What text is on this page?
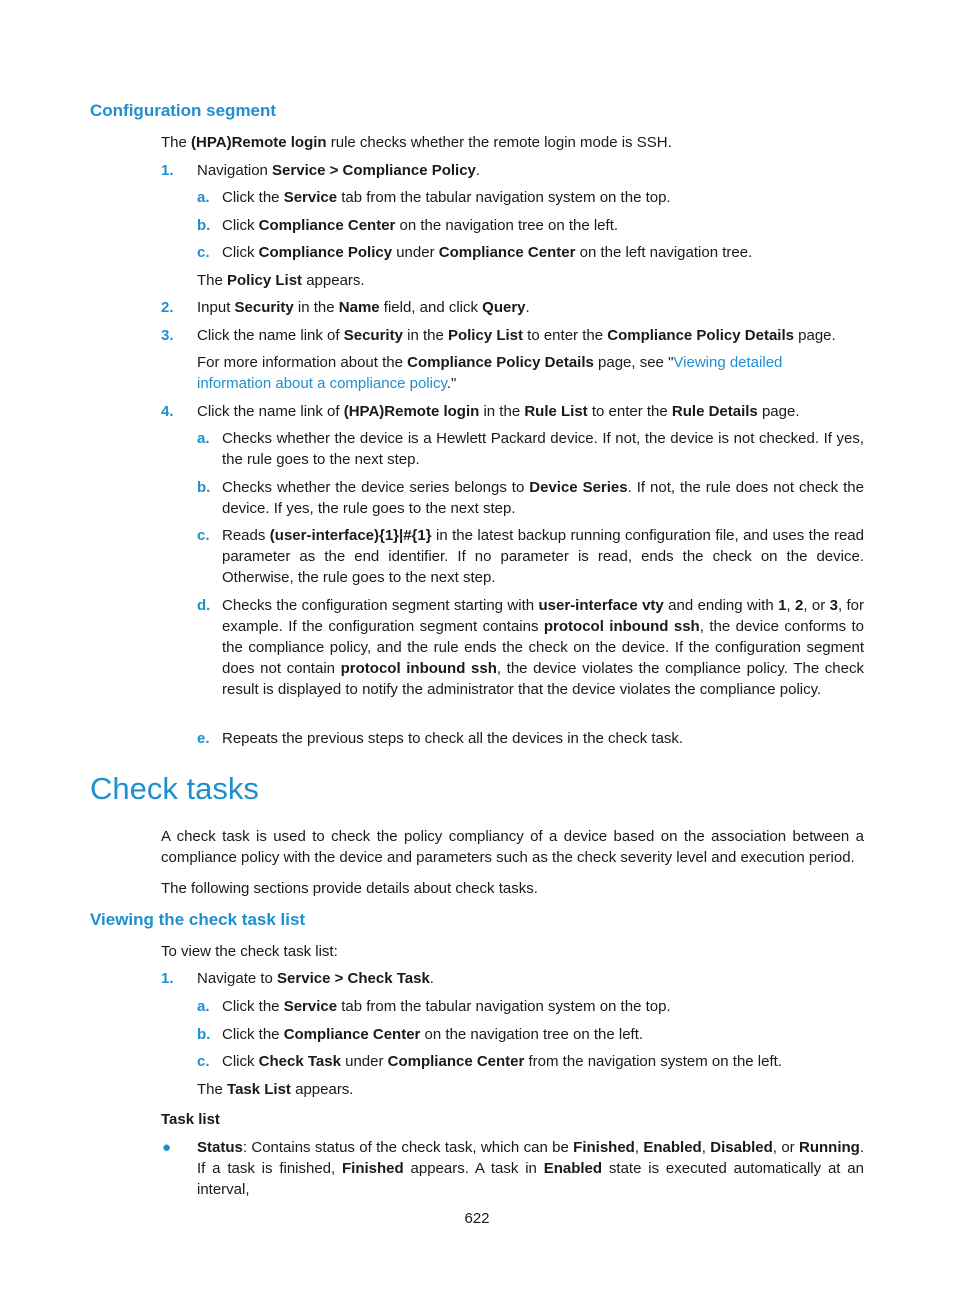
Configuration segment
The (HPA)Remote login rule checks whether the remote login mode is SSH.
1.	Navigation Service > Compliance Policy.
a. Click the Service tab from the tabular navigation system on the top.
b. Click Compliance Center on the navigation tree on the left.
c. Click Compliance Policy under Compliance Center on the left navigation tree.
The Policy List appears.
2.	Input Security in the Name field, and click Query.
3.	Click the name link of Security in the Policy List to enter the Compliance Policy Details page.
For more information about the Compliance Policy Details page, see "Viewing detailed information about a compliance policy."
4.	Click the name link of (HPA)Remote login in the Rule List to enter the Rule Details page.
a. Checks whether the device is a Hewlett Packard device. If not, the device is not checked. If yes, the rule goes to the next step.
b. Checks whether the device series belongs to Device Series. If not, the rule does not check the device. If yes, the rule goes to the next step.
c. Reads (user-interface){1}|#{1} in the latest backup running configuration file, and uses the read parameter as the end identifier. If no parameter is read, ends the check on the device. Otherwise, the rule goes to the next step.
d. Checks the configuration segment starting with user-interface vty and ending with 1, 2, or 3, for example. If the configuration segment contains protocol inbound ssh, the device conforms to the compliance policy, and the rule ends the check on the device. If the configuration segment does not contain protocol inbound ssh, the device violates the compliance policy. The check result is displayed to notify the administrator that the device violates the compliance policy.
e. Repeats the previous steps to check all the devices in the check task.
Check tasks
A check task is used to check the policy compliancy of a device based on the association between a compliance policy with the device and parameters such as the check severity level and execution period.
The following sections provide details about check tasks.
Viewing the check task list
To view the check task list:
1.	Navigate to Service > Check Task.
a. Click the Service tab from the tabular navigation system on the top.
b. Click the Compliance Center on the navigation tree on the left.
c. Click Check Task under Compliance Center from the navigation system on the left.
The Task List appears.
Task list
● Status: Contains status of the check task, which can be Finished, Enabled, Disabled, or Running. If a task is finished, Finished appears. A task in Enabled state is executed automatically at an interval,
622
